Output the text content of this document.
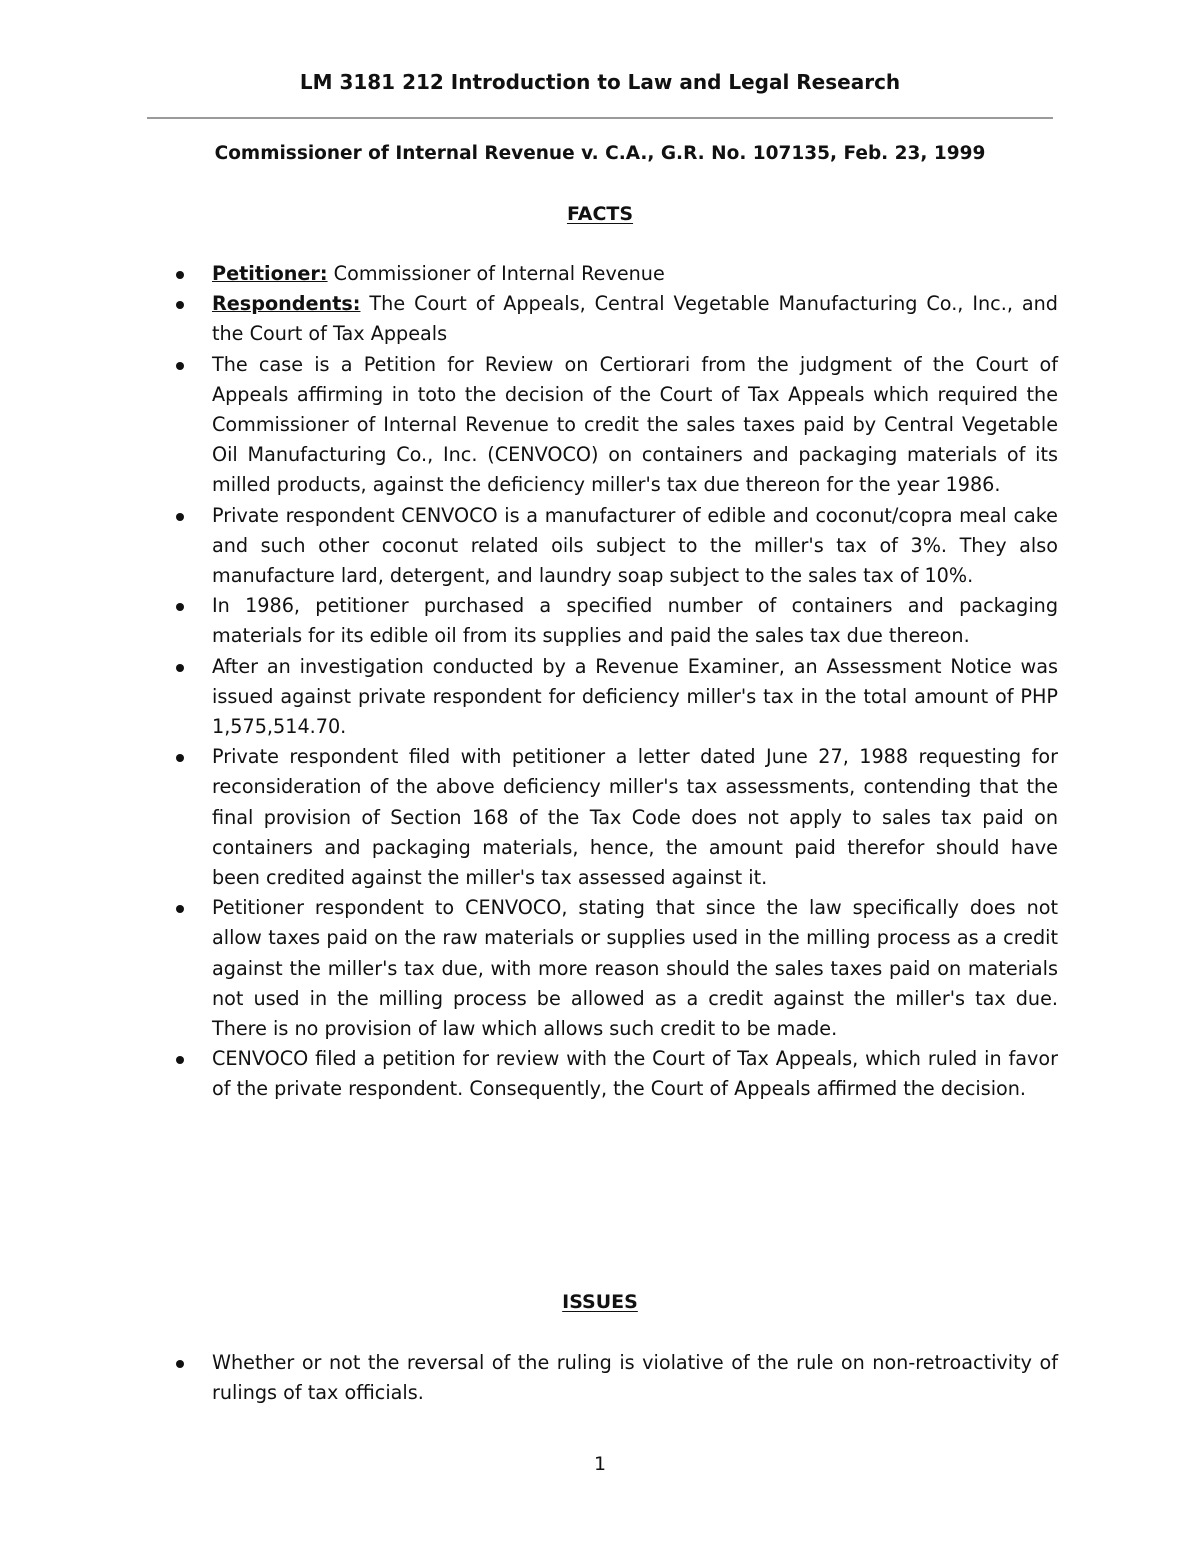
LM 3181 212 Introduction to Law and Legal Research
Commissioner of Internal Revenue v. C.A., G.R. No. 107135, Feb. 23, 1999
FACTS
Petitioner: Commissioner of Internal Revenue
Respondents: The Court of Appeals, Central Vegetable Manufacturing Co., Inc., and the Court of Tax Appeals
The case is a Petition for Review on Certiorari from the judgment of the Court of Appeals affirming in toto the decision of the Court of Tax Appeals which required the Commissioner of Internal Revenue to credit the sales taxes paid by Central Vegetable Oil Manufacturing Co., Inc. (CENVOCO) on containers and packaging materials of its milled products, against the deficiency miller's tax due thereon for the year 1986.
Private respondent CENVOCO is a manufacturer of edible and coconut/copra meal cake and such other coconut related oils subject to the miller's tax of 3%. They also manufacture lard, detergent, and laundry soap subject to the sales tax of 10%.
In 1986, petitioner purchased a specified number of containers and packaging materials for its edible oil from its supplies and paid the sales tax due thereon.
After an investigation conducted by a Revenue Examiner, an Assessment Notice was issued against private respondent for deficiency miller's tax in the total amount of PHP 1,575,514.70.
Private respondent filed with petitioner a letter dated June 27, 1988 requesting for reconsideration of the above deficiency miller's tax assessments, contending that the final provision of Section 168 of the Tax Code does not apply to sales tax paid on containers and packaging materials, hence, the amount paid therefor should have been credited against the miller's tax assessed against it.
Petitioner respondent to CENVOCO, stating that since the law specifically does not allow taxes paid on the raw materials or supplies used in the milling process as a credit against the miller's tax due, with more reason should the sales taxes paid on materials not used in the milling process be allowed as a credit against the miller's tax due. There is no provision of law which allows such credit to be made.
CENVOCO filed a petition for review with the Court of Tax Appeals, which ruled in favor of the private respondent. Consequently, the Court of Appeals affirmed the decision.
ISSUES
Whether or not the reversal of the ruling is violative of the rule on non-retroactivity of rulings of tax officials.
1
